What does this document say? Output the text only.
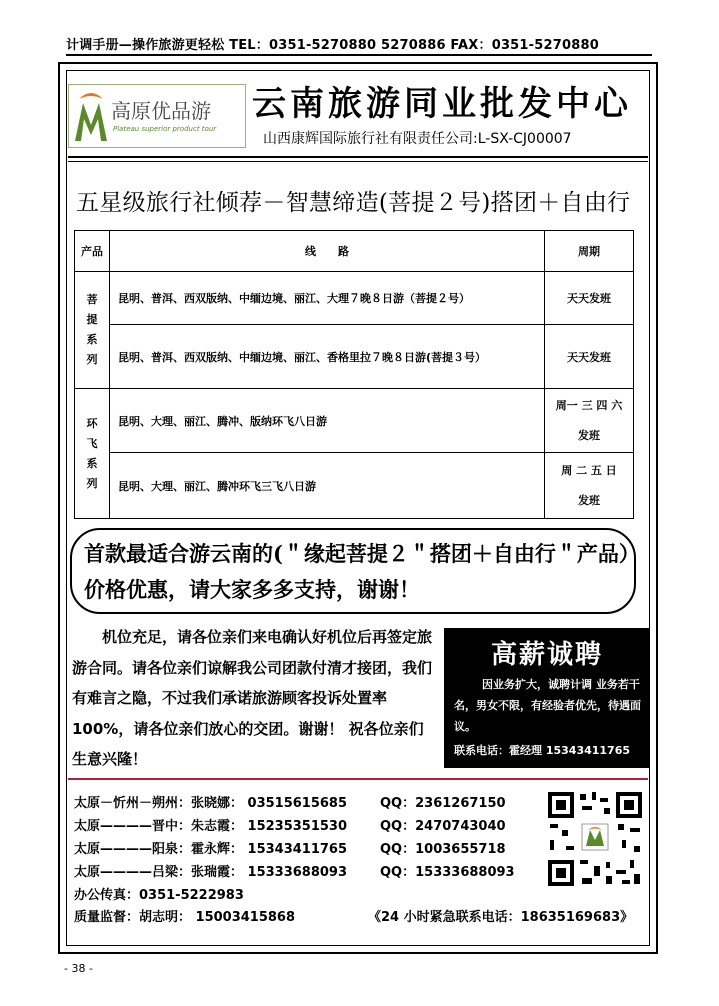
计调手册—操作旅游更轻松 TEL：0351-5270880 5270886 FAX：0351-5270880
高原优品游
Plateau superior product tour
云南旅游同业批发中心
山西康辉国际旅行社有限责任公司:L-SX-CJ00007
五星级旅行社倾荐－智慧缔造(菩提２号)搭团＋自由行
产品	线　　路	周期
菩提系列	昆明、普洱、西双版纳、中缅边境、丽江、大理７晚８日游（菩提２号）	天天发班
	昆明、普洱、西双版纳、中缅边境、丽江、香格里拉７晚８日游(菩提３号）	天天发班
环飞系列	昆明、大理、丽江、腾冲、版纳环飞八日游	周一 三 四 六
发班

	昆明、大理、丽江、腾冲环飞三飞八日游	周 二 五 日
发班
首款最适合游云南的(＂缘起菩提２＂搭团＋自由行＂产品）价格优惠，请大家多多支持，谢谢！
机位充足，请各位亲们来电确认好机位后再签定旅游合同。请各位亲们谅解我公司团款付清才接团，我们有难言之隐，不过我们承诺旅游顾客投诉处置率 100%，请各位亲们放心的交团。谢谢！ 祝各位亲们生意兴隆！
高薪诚聘
因业务扩大，诚聘计调 业务若干名，男女不限，有经验者优先，待遇面议。
联系电话：霍经理 15343411765
太原－忻州－朔州：张晓娜： 03515615685	QQ：2361267150
太原————晋中：朱志霞： 15235351530	QQ：2470743040
太原————阳泉：霍永辉： 15343411765	QQ：1003655718
太原————吕梁：张瑞霞： 15333688093	QQ：15333688093
办公传真：0351-5222983
质量监督：胡志明： 15003415868	《24 小时紧急联系电话：18635169683》
- 38 -
